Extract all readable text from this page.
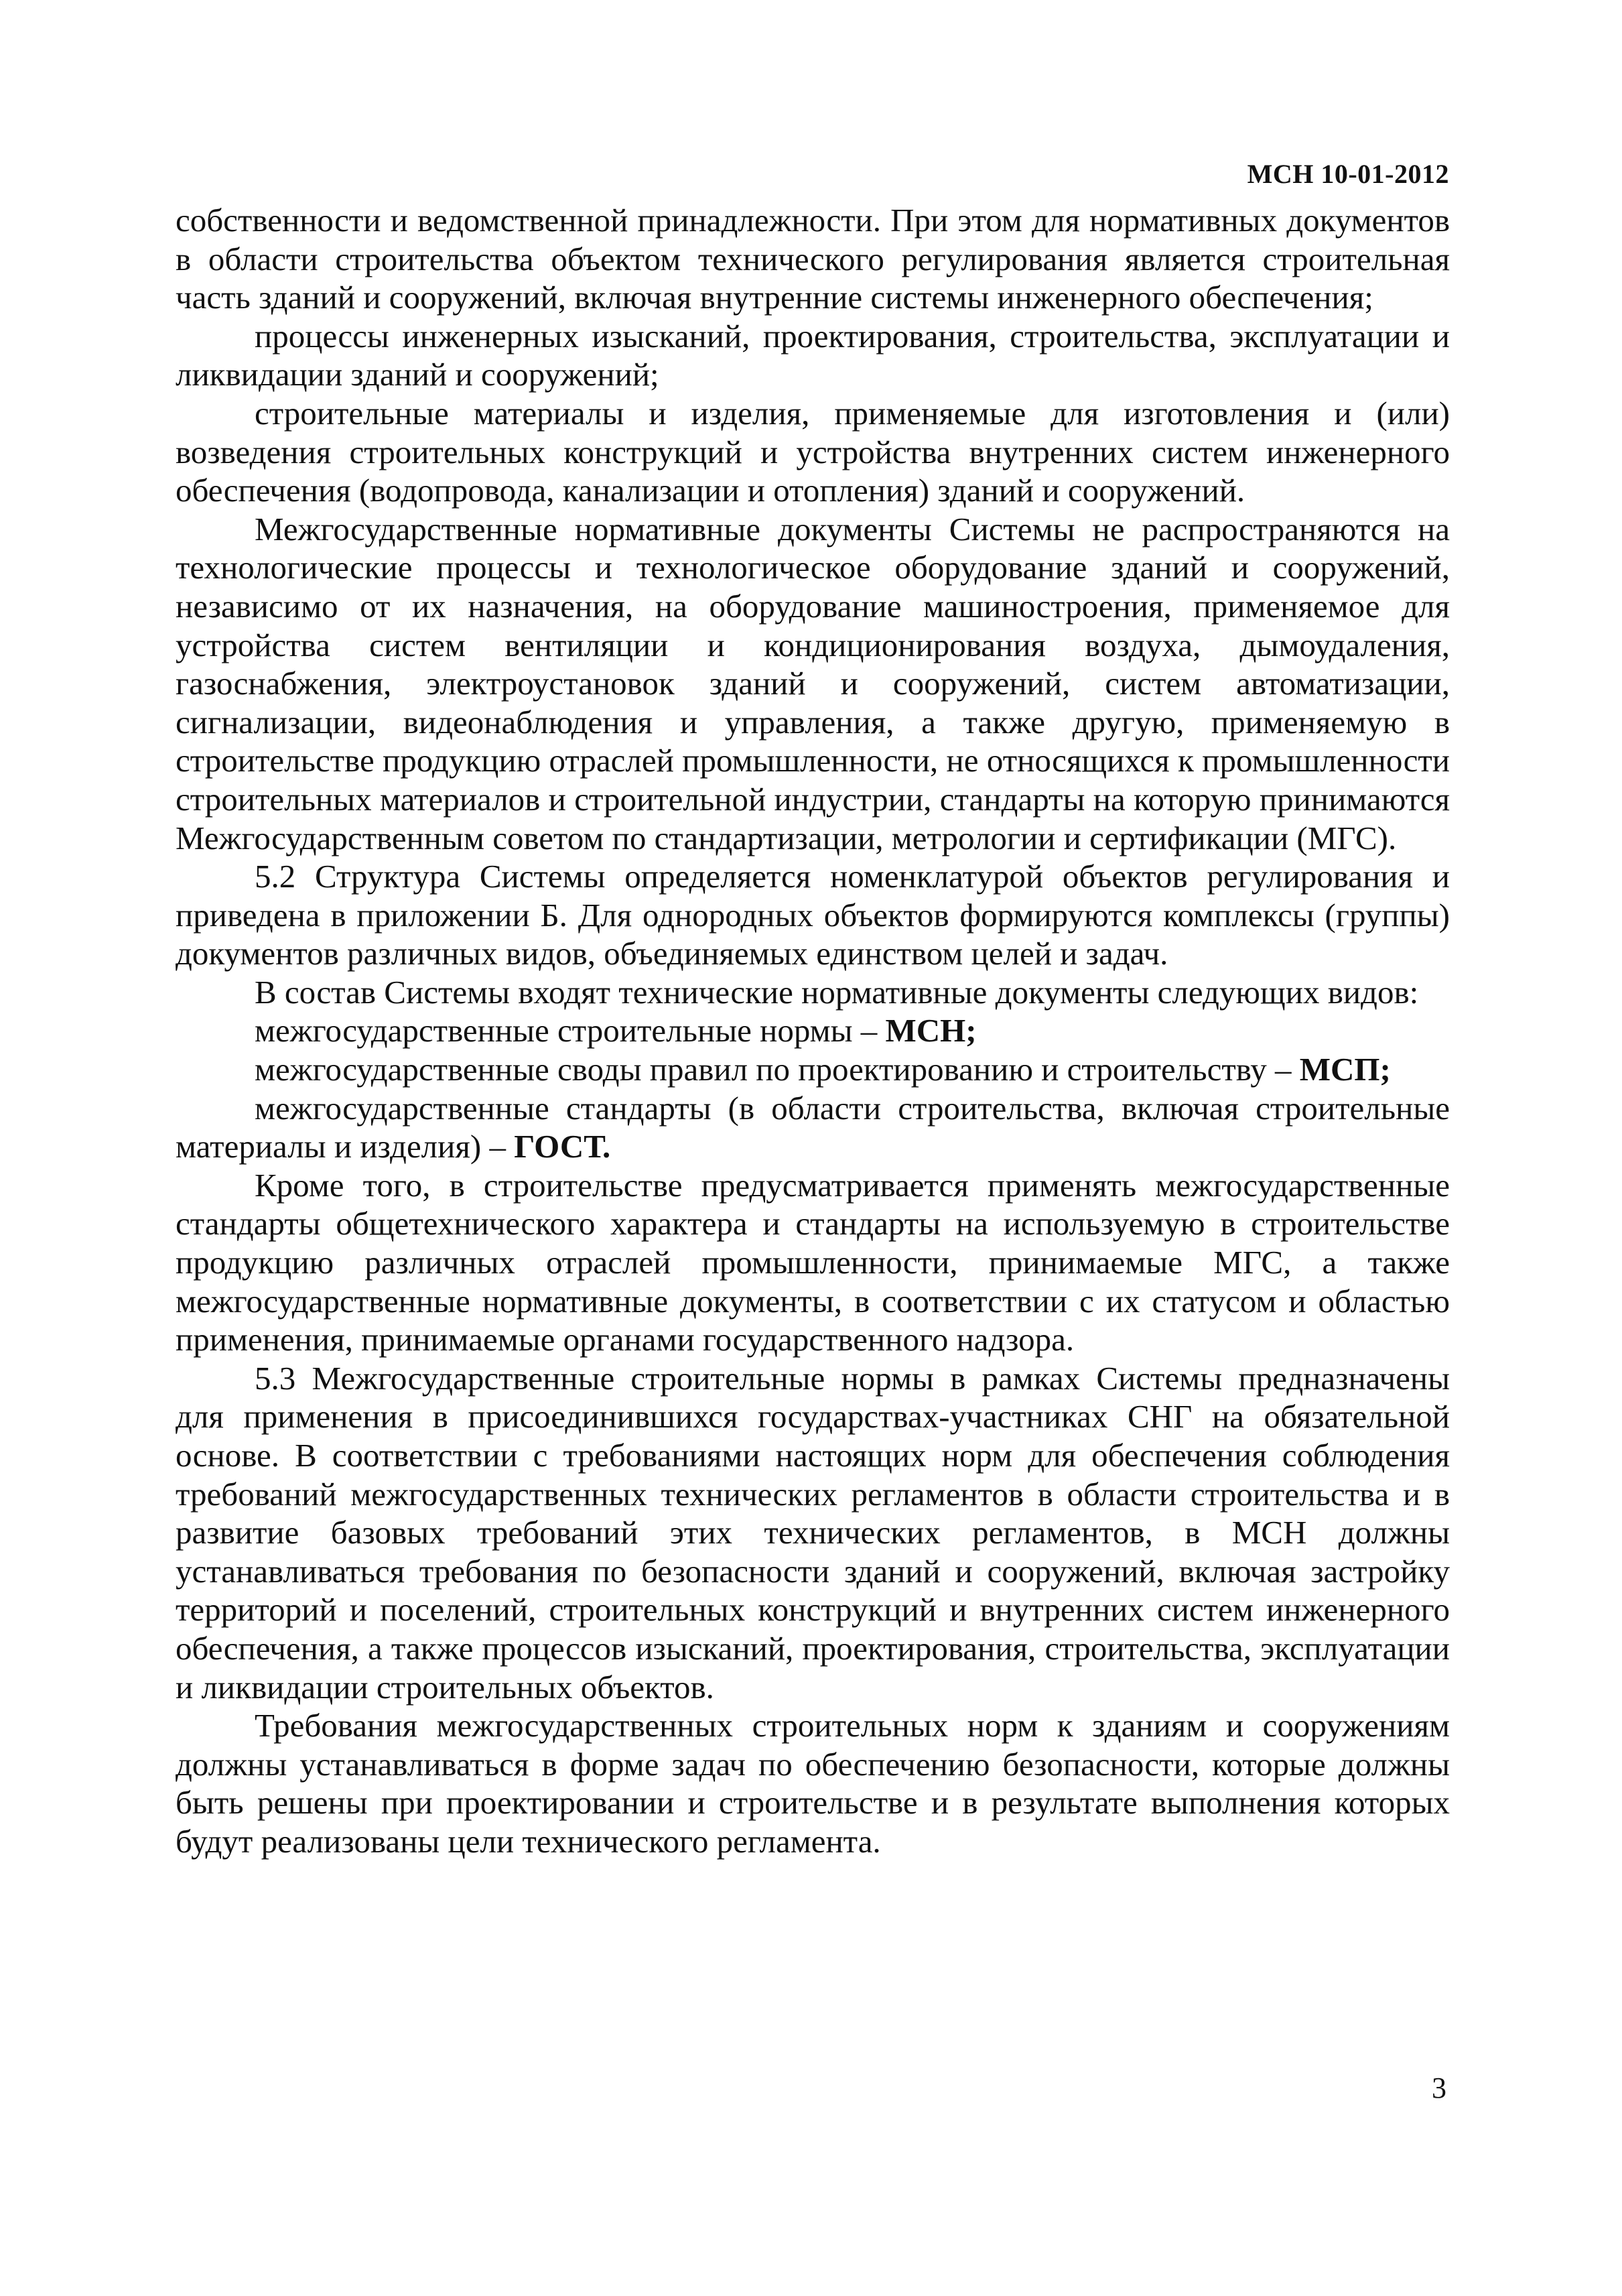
МСН 10-01-2012

собственности и ведомственной принадлежности. При этом для нормативных документов в области строительства объектом технического регулирования является строительная часть зданий и сооружений, включая внутренние системы инженерного обеспечения;

процессы инженерных изысканий, проектирования, строительства, эксплуатации и ликвидации зданий и сооружений;

строительные материалы и изделия, применяемые для изготовления и (или) возведения строительных конструкций и устройства внутренних систем инженерного обеспечения (водопровода, канализации и отопления) зданий и сооружений.

Межгосударственные нормативные документы Системы не распространяются на технологические процессы и технологическое оборудование зданий и сооружений, независимо от их назначения, на оборудование машиностроения, применяемое для устройства систем вентиляции и кондиционирования воздуха, дымоудаления, газоснабжения, электроустановок зданий и сооружений, систем автоматизации, сигнализации, видеонаблюдения и управления, а также другую, применяемую в строительстве продукцию отраслей промышленности, не относящихся к промышленности строительных материалов и строительной индустрии, стандарты на которую принимаются Межгосударственным советом по стандартизации, метрологии и сертификации (МГС).

5.2 Структура Системы определяется номенклатурой объектов регулирования и приведена в приложении Б. Для однородных объектов формируются комплексы (группы) документов различных видов, объединяемых единством целей и задач.

В состав Системы входят технические нормативные документы следующих видов:

межгосударственные строительные нормы – МСН;

межгосударственные своды правил по проектированию и строительству – МСП;

межгосударственные стандарты (в области строительства, включая строительные материалы и изделия) – ГОСТ.

Кроме того, в строительстве предусматривается применять межгосударственные стандарты общетехнического характера и стандарты на используемую в строительстве продукцию различных отраслей промышленности, принимаемые МГС, а также межгосударственные нормативные документы, в соответствии с их статусом и областью применения, принимаемые органами государственного надзора.

5.3 Межгосударственные строительные нормы в рамках Системы предназначены для применения в присоединившихся государствах-участниках СНГ на обязательной основе. В соответствии с требованиями настоящих норм для обеспечения соблюдения требований межгосударственных технических регламентов в области строительства и в развитие базовых требований этих технических регламентов, в МСН должны устанавливаться требования по безопасности зданий и сооружений, включая застройку территорий и поселений, строительных конструкций и внутренних систем инженерного обеспечения, а также процессов изысканий, проектирования, строительства, эксплуатации и ликвидации строительных объектов.

Требования межгосударственных строительных норм к зданиям и сооружениям должны устанавливаться в форме задач по обеспечению безопасности, которые должны быть решены при проектировании и строительстве и в результате выполнения которых будут реализованы цели технического регламента.

3
